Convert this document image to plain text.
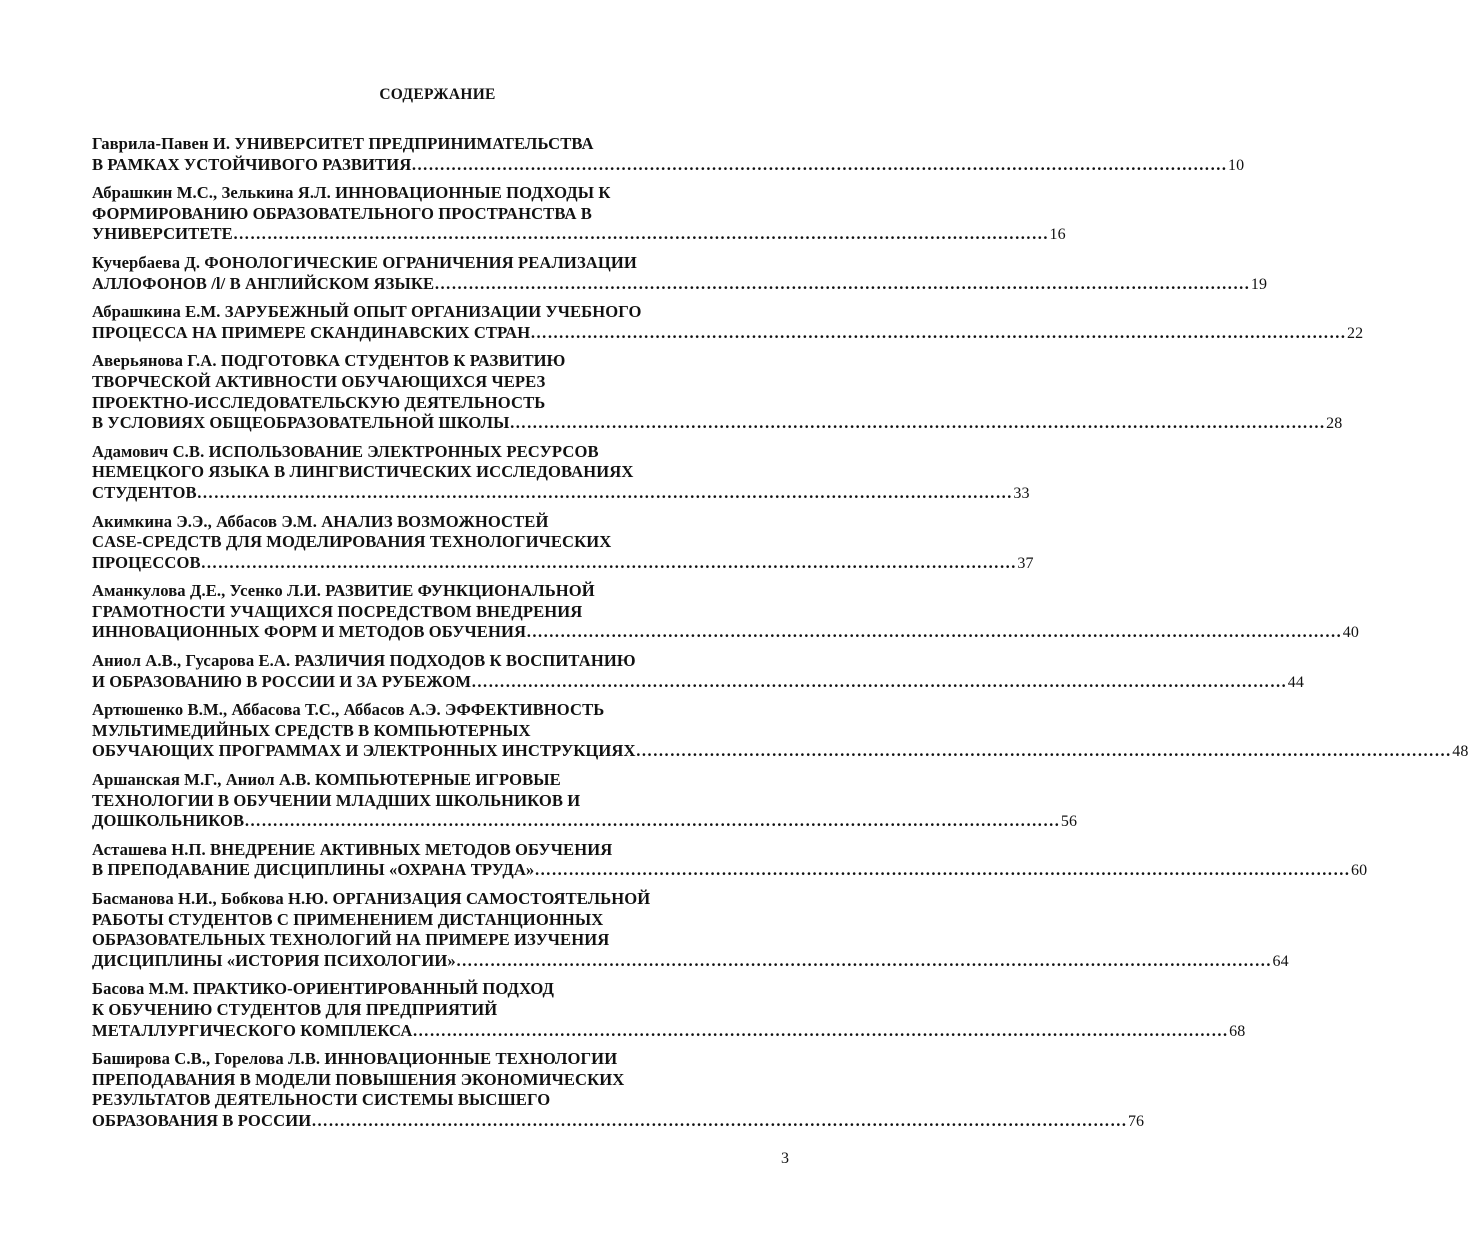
СОДЕРЖАНИЕ
Гаврила-Павен И. УНИВЕРСИТЕТ ПРЕДПРИНИМАТЕЛЬСТВА
В РАМКАХ УСТОЙЧИВОГО РАЗВИТИЯ ……………………………………………………………………………………………………………………………… 10
Абрашкин М.С., Зелькина Я.Л. ИННОВАЦИОННЫЕ ПОДХОДЫ К
ФОРМИРОВАНИЮ ОБРАЗОВАТЕЛЬНОГО ПРОСТРАНСТВА В
УНИВЕРСИТЕТЕ ……………………………………………………………………………………………………………………………… 16
Кучербаева Д. ФОНОЛОГИЧЕСКИЕ ОГРАНИЧЕНИЯ РЕАЛИЗАЦИИ
АЛЛОФОНОВ /l/ В АНГЛИЙСКОМ ЯЗЫКЕ ……………………………………………………………………………………………………………………………… 19
Абрашкина Е.М. ЗАРУБЕЖНЫЙ ОПЫТ ОРГАНИЗАЦИИ УЧЕБНОГО
ПРОЦЕССА НА ПРИМЕРЕ СКАНДИНАВСКИХ СТРАН ……………………………………………………………………………………………………………………………… 22
Аверьянова Г.А. ПОДГОТОВКА СТУДЕНТОВ К РАЗВИТИЮ
ТВОРЧЕСКОЙ АКТИВНОСТИ ОБУЧАЮЩИХСЯ ЧЕРЕЗ
ПРОЕКТНО-ИССЛЕДОВАТЕЛЬСКУЮ ДЕЯТЕЛЬНОСТЬ
В УСЛОВИЯХ ОБЩЕОБРАЗОВАТЕЛЬНОЙ ШКОЛЫ ……………………………………………………………………………………………………………………………… 28
Адамович С.В. ИСПОЛЬЗОВАНИЕ ЭЛЕКТРОННЫХ РЕСУРСОВ
НЕМЕЦКОГО ЯЗЫКА В ЛИНГВИСТИЧЕСКИХ ИССЛЕДОВАНИЯХ
СТУДЕНТОВ ……………………………………………………………………………………………………………………………… 33
Акимкина Э.Э., Аббасов Э.М. АНАЛИЗ ВОЗМОЖНОСТЕЙ
CASE-СРЕДСТВ ДЛЯ МОДЕЛИРОВАНИЯ ТЕХНОЛОГИЧЕСКИХ
ПРОЦЕССОВ ……………………………………………………………………………………………………………………………… 37
Аманкулова Д.Е., Усенко Л.И. РАЗВИТИЕ ФУНКЦИОНАЛЬНОЙ
ГРАМОТНОСТИ УЧАЩИХСЯ ПОСРЕДСТВОМ ВНЕДРЕНИЯ
ИННОВАЦИОННЫХ ФОРМ И МЕТОДОВ ОБУЧЕНИЯ ……………………………………………………………………………………………………………………………… 40
Аниол А.В., Гусарова Е.А. РАЗЛИЧИЯ ПОДХОДОВ К ВОСПИТАНИЮ
И ОБРАЗОВАНИЮ В РОССИИ И ЗА РУБЕЖОМ ……………………………………………………………………………………………………………………………… 44
Артюшенко В.М., Аббасова Т.С., Аббасов А.Э. ЭФФЕКТИВНОСТЬ
МУЛЬТИМЕДИЙНЫХ СРЕДСТВ В КОМПЬЮТЕРНЫХ
ОБУЧАЮЩИХ ПРОГРАММАХ И ЭЛЕКТРОННЫХ ИНСТРУКЦИЯХ ……………………………………………………………………………………………………………………………… 48
Аршанская М.Г., Аниол А.В. КОМПЬЮТЕРНЫЕ ИГРОВЫЕ
ТЕХНОЛОГИИ В ОБУЧЕНИИ МЛАДШИХ ШКОЛЬНИКОВ И
ДОШКОЛЬНИКОВ ……………………………………………………………………………………………………………………………… 56
Асташева Н.П. ВНЕДРЕНИЕ АКТИВНЫХ МЕТОДОВ ОБУЧЕНИЯ
В ПРЕПОДАВАНИЕ ДИСЦИПЛИНЫ «ОХРАНА ТРУДА» ……………………………………………………………………………………………………………………………… 60
Басманова Н.И., Бобкова Н.Ю. ОРГАНИЗАЦИЯ САМОСТОЯТЕЛЬНОЙ
РАБОТЫ СТУДЕНТОВ С ПРИМЕНЕНИЕМ ДИСТАНЦИОННЫХ
ОБРАЗОВАТЕЛЬНЫХ ТЕХНОЛОГИЙ НА ПРИМЕРЕ ИЗУЧЕНИЯ
ДИСЦИПЛИНЫ «ИСТОРИЯ ПСИХОЛОГИИ» ……………………………………………………………………………………………………………………………… 64
Басова М.М. ПРАКТИКО-ОРИЕНТИРОВАННЫЙ ПОДХОД
К ОБУЧЕНИЮ СТУДЕНТОВ ДЛЯ ПРЕДПРИЯТИЙ
МЕТАЛЛУРГИЧЕСКОГО КОМПЛЕКСА ……………………………………………………………………………………………………………………………… 68
Баширова С.В., Горелова Л.В. ИННОВАЦИОННЫЕ ТЕХНОЛОГИИ
ПРЕПОДАВАНИЯ В МОДЕЛИ ПОВЫШЕНИЯ ЭКОНОМИЧЕСКИХ
РЕЗУЛЬТАТОВ ДЕЯТЕЛЬНОСТИ СИСТЕМЫ ВЫСШЕГО
ОБРАЗОВАНИЯ В РОССИИ ……………………………………………………………………………………………………………………………… 76
3
